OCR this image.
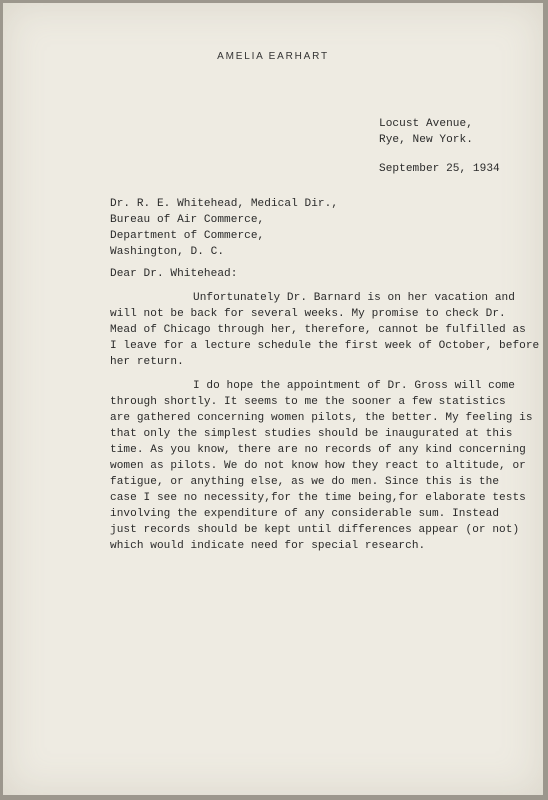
AMELIA EARHART
Locust Avenue,
Rye, New York.
September 25, 1934
Dr. R. E. Whitehead, Medical Dir.,
Bureau of Air Commerce,
Department of Commerce,
Washington, D. C.
Dear Dr. Whitehead:
Unfortunately Dr. Barnard is on her vacation and
will not be back for several weeks. My promise to check Dr.
Mead of Chicago through her, therefore, cannot be fulfilled as
I leave for a lecture schedule the first week of October, before
her return.
I do hope the appointment of Dr. Gross will come
through shortly. It seems to me the sooner a few statistics
are gathered concerning women pilots, the better. My feeling is
that only the simplest studies should be inaugurated at this
time. As you know, there are no records of any kind concerning
women as pilots. We do not know how they react to altitude, or
fatigue, or anything else, as we do men. Since this is the
case I see no necessity,for the time being,for elaborate tests
involving the expenditure of any considerable sum. Instead
just records should be kept until differences appear (or not)
which would indicate need for special research.
